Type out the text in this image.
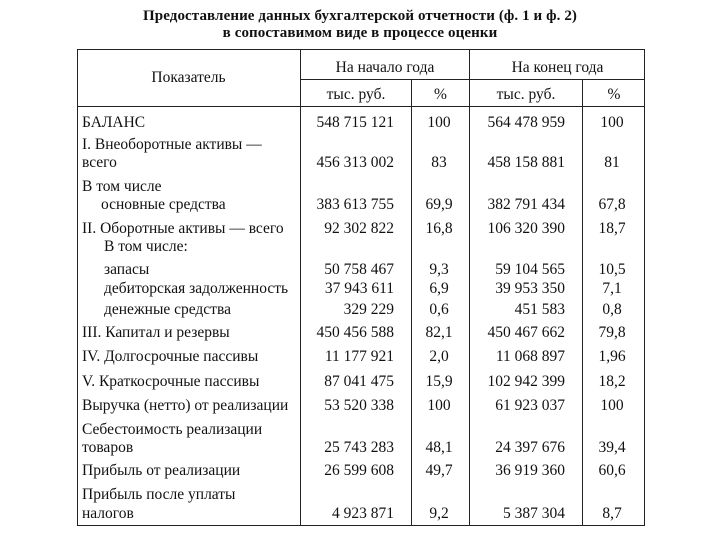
Предоставление данных бухгалтерской отчетности (ф. 1 и ф. 2)
в сопоставимом виде в процессе оценки
Показатель
На начало года	На конец года
тыс. руб.	%	тыс. руб.	%
БАЛАНС	548 715 121	100	564 478 959	100
I. Внеоборотные активы —
всего	456 313 002	83	458 158 881	81
В том числе
основные средства	383 613 755	69,9	382 791 434	67,8
II. Оборотные активы — всего	92 302 822	16,8	106 320 390	18,7
В том числе:
запасы	50 758 467	9,3	59 104 565	10,5
дебиторская задолженность 37 943 611	6,9	39 953 350	7,1
денежные средства	329 229	0,6	451 583	0,8
III. Капитал и резервы	450 456 588	82,1	450 467 662	79,8
IV. Долгосрочные пассивы	11 177 921	2,0	11 068 897	1,96
V. Краткосрочные пассивы	87 041 475	15,9	102 942 399	18,2
Выручка (нетто) от реализации 53 520 338	100	61 923 037	100
Себестоимость реализации
товаров	25 743 283	48,1	24 397 676	39,4
Прибыль от реализации	26 599 608	49,7	36 919 360	60,6
Прибыль после уплаты
налогов	4 923 871	9,2	5 387 304	8,7
